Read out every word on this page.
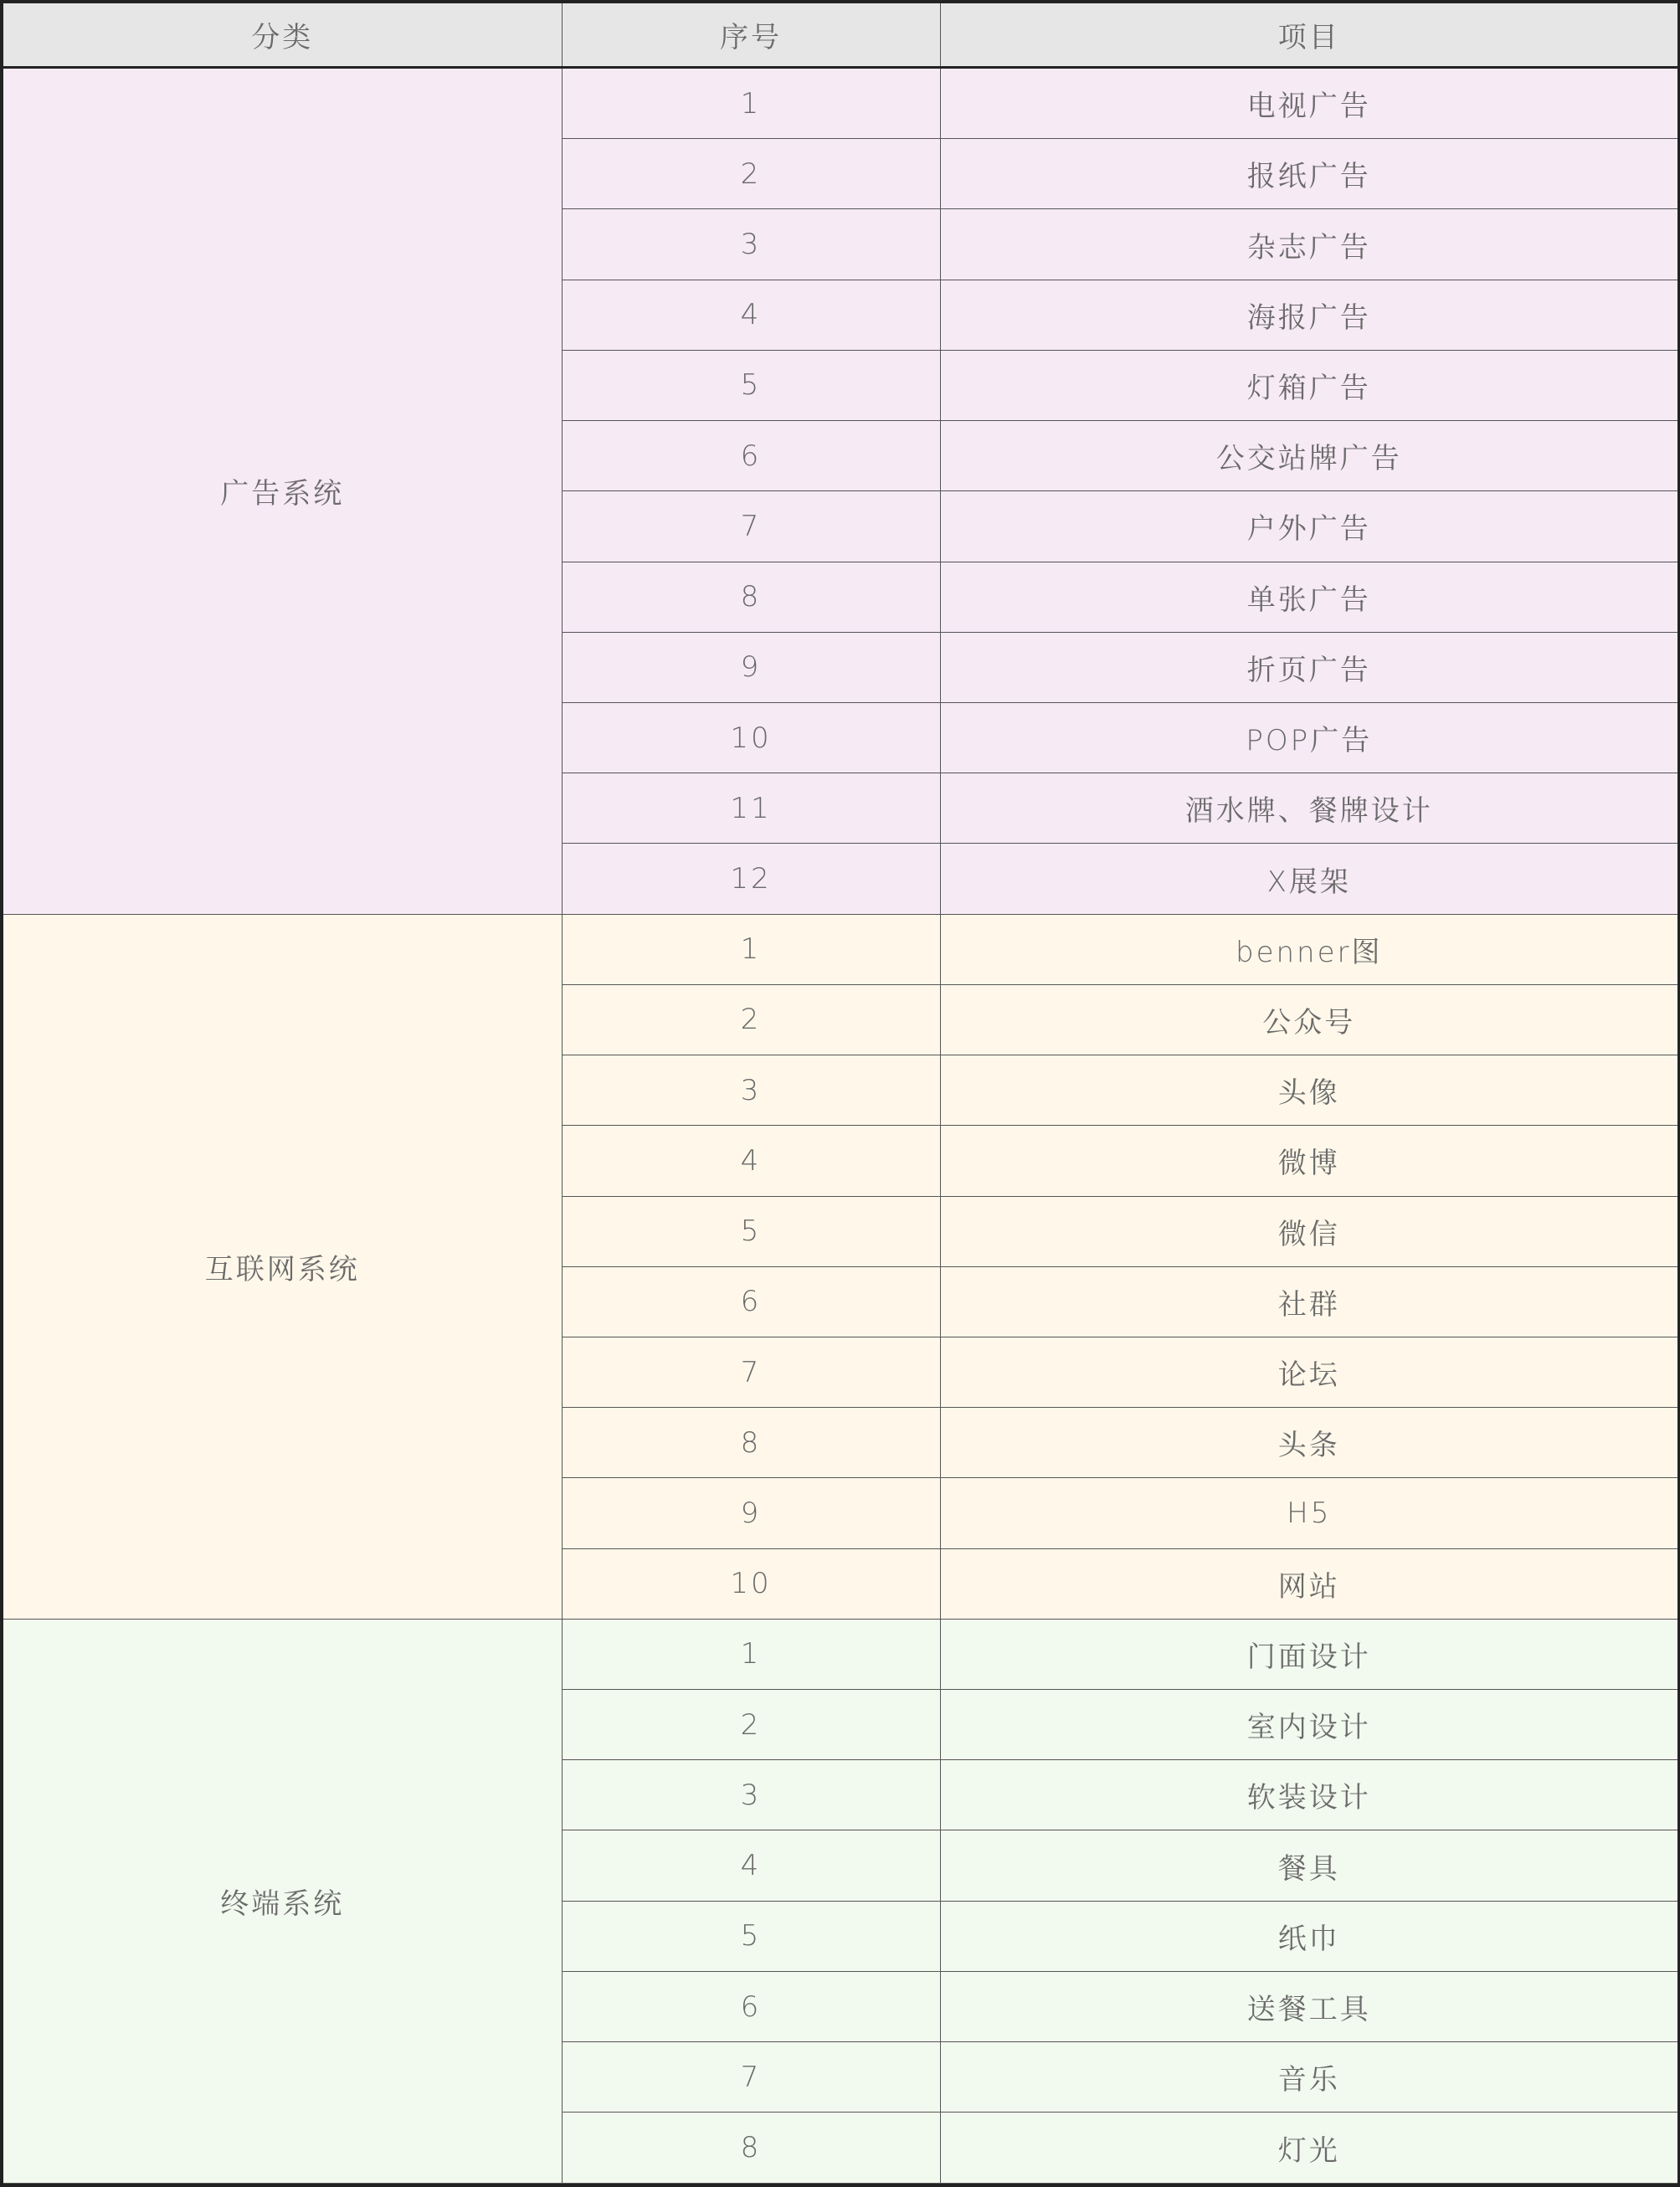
分类	序号	项目
广告系统	1	电视广告
	2	报纸广告
	3	杂志广告
	4	海报广告
	5	灯箱广告
	6	公交站牌广告
	7	户外广告
	8	单张广告
	9	折页广告
	10	POP广告
	11	酒水牌、餐牌设计
	12	X展架
互联网系统	1	benner图
	2	公众号
	3	头像
	4	微博
	5	微信
	6	社群
	7	论坛
	8	头条
	9	H5
	10	网站
终端系统	1	门面设计
	2	室内设计
	3	软装设计
	4	餐具
	5	纸巾
	6	送餐工具
	7	音乐
	8	灯光
